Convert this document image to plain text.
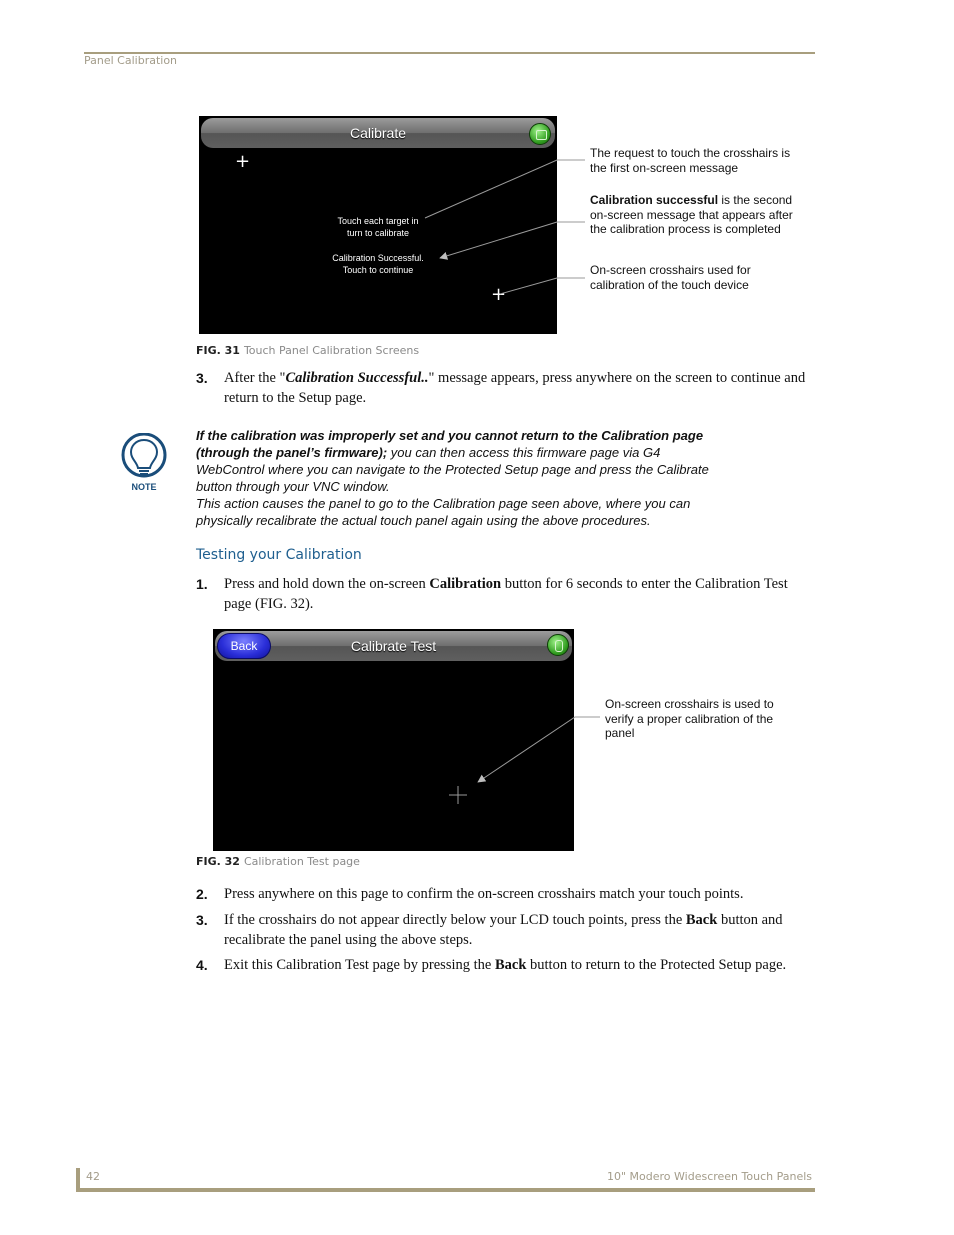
Panel Calibration
Calibrate
+
Touch each target in
turn to calibrate
Calibration Successful.
Touch to continue
+
The request to touch the crosshairs is the first on-screen message
Calibration successful is the second on-screen message that appears after the calibration process is completed
On-screen crosshairs used for calibration of the touch device
FIG. 31 Touch Panel Calibration Screens
3. After the "Calibration Successful.." message appears, press anywhere on the screen to continue and return to the Setup page.
NOTE
If the calibration was improperly set and you cannot return to the Calibration page (through the panel’s firmware); you can then access this firmware page via G4 WebControl where you can navigate to the Protected Setup page and press the Calibrate button through your VNC window.
This action causes the panel to go to the Calibration page seen above, where you can physically recalibrate the actual touch panel again using the above procedures.
Testing your Calibration
1. Press and hold down the on-screen Calibration button for 6 seconds to enter the Calibration Test page (FIG. 32).
Calibrate Test
Back
On-screen crosshairs is used to verify a proper calibration of the panel
FIG. 32 Calibration Test page
2. Press anywhere on this page to confirm the on-screen crosshairs match your touch points.
3. If the crosshairs do not appear directly below your LCD touch points, press the Back button and recalibrate the panel using the above steps.
4. Exit this Calibration Test page by pressing the Back button to return to the Protected Setup page.
42	10" Modero Widescreen Touch Panels
